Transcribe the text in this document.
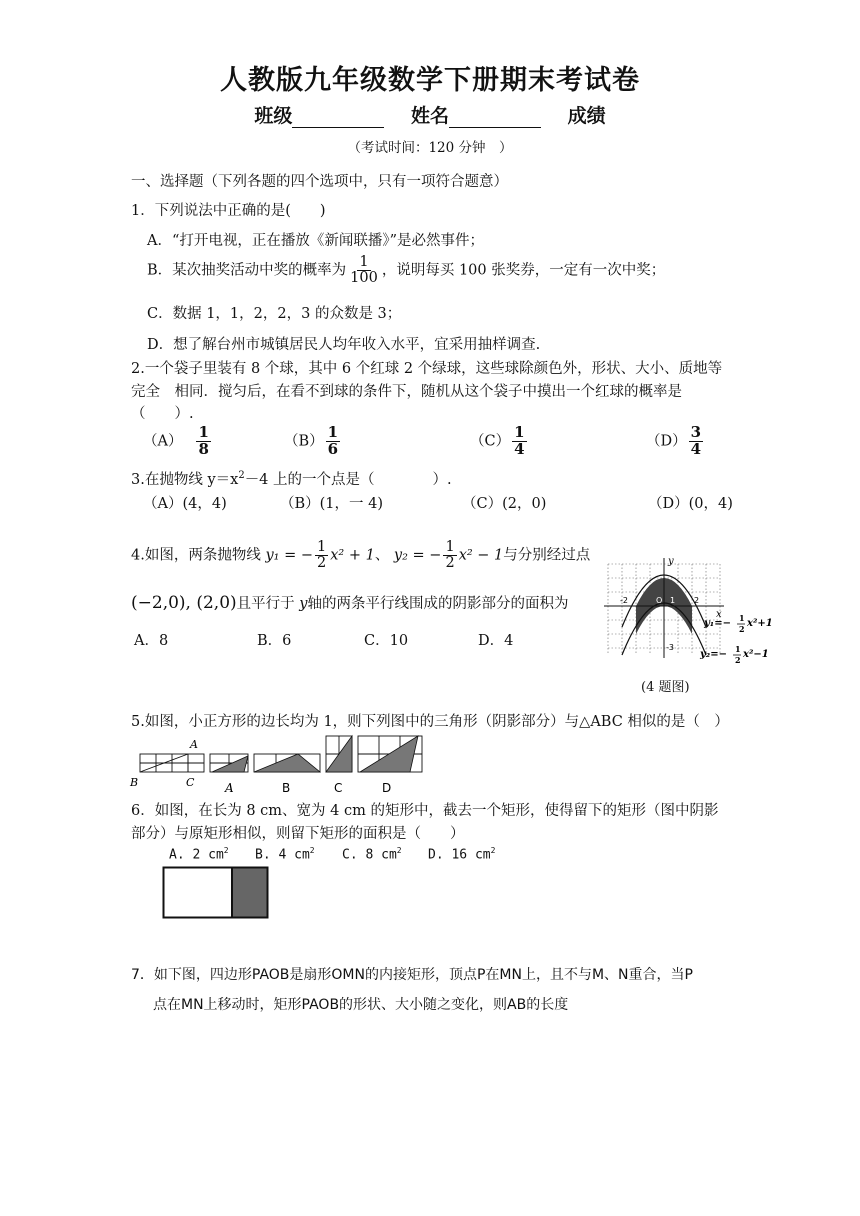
人教版九年级数学下册期末考试卷
班级	姓名	成绩
（考试时间：120 分钟　）
一、选择题（下列各题的四个选项中，只有一项符合题意）
1．下列说法中正确的是(　　)
A．“打开电视，正在播放《新闻联播》”是必然事件；
B．某次抽奖活动中奖的概率为 $\frac{1}{100}$ ，说明每买 100 张奖券，一定有一次中奖；
C．数据 1，1，2，2，3 的众数是 3；
D．想了解台州市城镇居民人均年收入水平，宜采用抽样调查.
2.一个袋子里装有 8 个球，其中 6 个红球 2 个绿球，这些球除颜色外，形状、大小、质地等
完全　相同．搅匀后，在看不到球的条件下，随机从这个袋子中摸出一个红球的概率是
（　　）.
$(A) \frac{1}{8}$	$(B) \frac{1}{6}$	$(C) \frac{1}{4}$	$(D) \frac{3}{4}$
3.在抛物线 $y=x^2-4$ 上的一个点是（　　　　）.
（A）(4，4)	（B）(1，一 4)	（C）(2，0)	（D）(0，4)
4.如图，两条抛物线 y₁ = − $\frac{1}{2} x^2 + 1$、 y₂ = − $\frac{1}{2} x^2 - 1$与分别经过点
(−2,0), (2,0)且平行于 y轴的两条平行线围成的阴影部分的面积为
A．8	B．6	C．10	D．4
y
x
O
-2	2
1
-3
y₁=− 1
2 x²+1
y₂=− 1
2 x²−1
(4 题图)
5.如图，小正方形的边长均为 1，则下列图中的三角形（阴影部分）与△ABC 相似的是（　）
A
B	C	A	B	C	D
6．如图，在长为 8 cm、宽为 4 cm 的矩形中，截去一个矩形，使得留下的矩形（图中阴影
部分）与原矩形相似，则留下矩形的面积是（　　）
A. 2 $cm^2$ B. 4 $cm^2$ C. 8 $cm^2$ D. 16 $cm^2$
7．如下图，四边形PAOB是扇形OMN的内接矩形，顶点P在MN上，且不与M、N重合，当P
点在MN上移动时，矩形PAOB的形状、大小随之变化，则AB的长度
